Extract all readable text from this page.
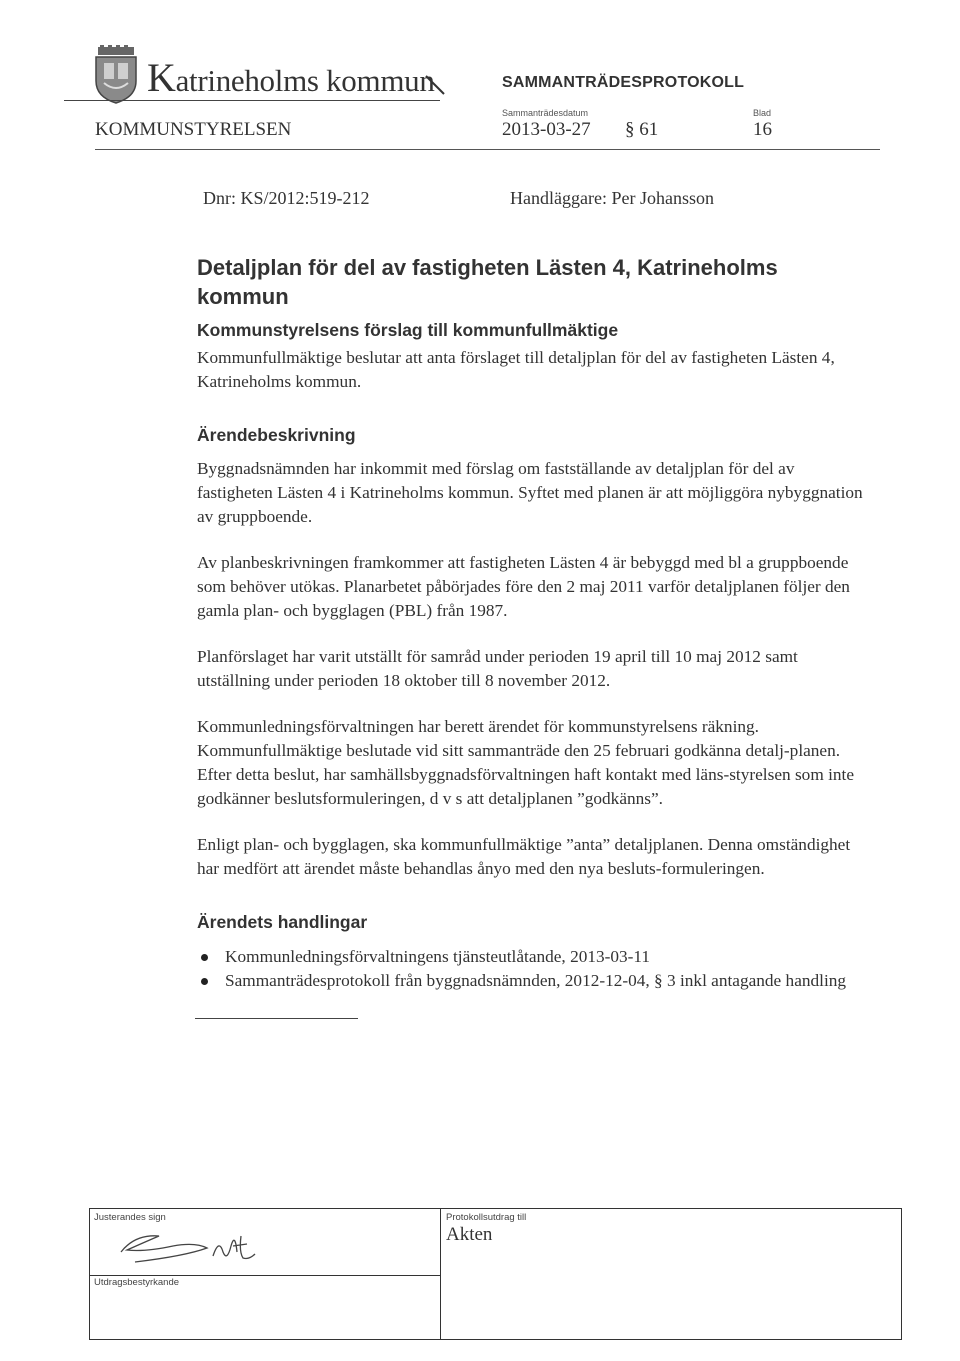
Katrineholms kommun	SAMMANTRÄDESPROTOKOLL
KOMMUNSTYRELSEN
Sammanträdesdatum
2013-03-27 § 61
Blad
16
Dnr: KS/2012:519-212	Handläggare: Per Johansson
Detaljplan för del av fastigheten Lästen 4, Katrineholms kommun
Kommunstyrelsens förslag till kommunfullmäktige

Kommunfullmäktige beslutar att anta förslaget till detaljplan för del av fastigheten Lästen 4, Katrineholms kommun.

Ärendebeskrivning

Byggnadsnämnden har inkommit med förslag om fastställande av detaljplan för del av fastigheten Lästen 4 i Katrineholms kommun. Syftet med planen är att möjliggöra nybyggnation av gruppboende.

Av planbeskrivningen framkommer att fastigheten Lästen 4 är bebyggd med bl a gruppboende som behöver utökas. Planarbetet påbörjades före den 2 maj 2011 varför detaljplanen följer den gamla plan- och bygglagen (PBL) från 1987.

Planförslaget har varit utställt för samråd under perioden 19 april till 10 maj 2012 samt utställning under perioden 18 oktober till 8 november 2012.

Kommunledningsförvaltningen har berett ärendet för kommunstyrelsens räkning. Kommunfullmäktige beslutade vid sitt sammanträde den 25 februari godkänna detalj-planen. Efter detta beslut, har samhällsbyggnadsförvaltningen haft kontakt med läns-styrelsen som inte godkänner beslutsformuleringen, d v s att detaljplanen ”godkänns”.

Enligt plan- och bygglagen, ska kommunfullmäktige ”anta” detaljplanen. Denna omständighet har medfört att ärendet måste behandlas ånyo med den nya besluts-formuleringen.

Ärendets handlingar
Kommunledningsförvaltningens tjänsteutlåtande, 2013-03-11
Sammanträdesprotokoll från byggnadsnämnden, 2012-12-04, § 3 inkl antagande handling
Justerandes sign
Utdragsbestyrkande
Protokollsutdrag till
Akten
